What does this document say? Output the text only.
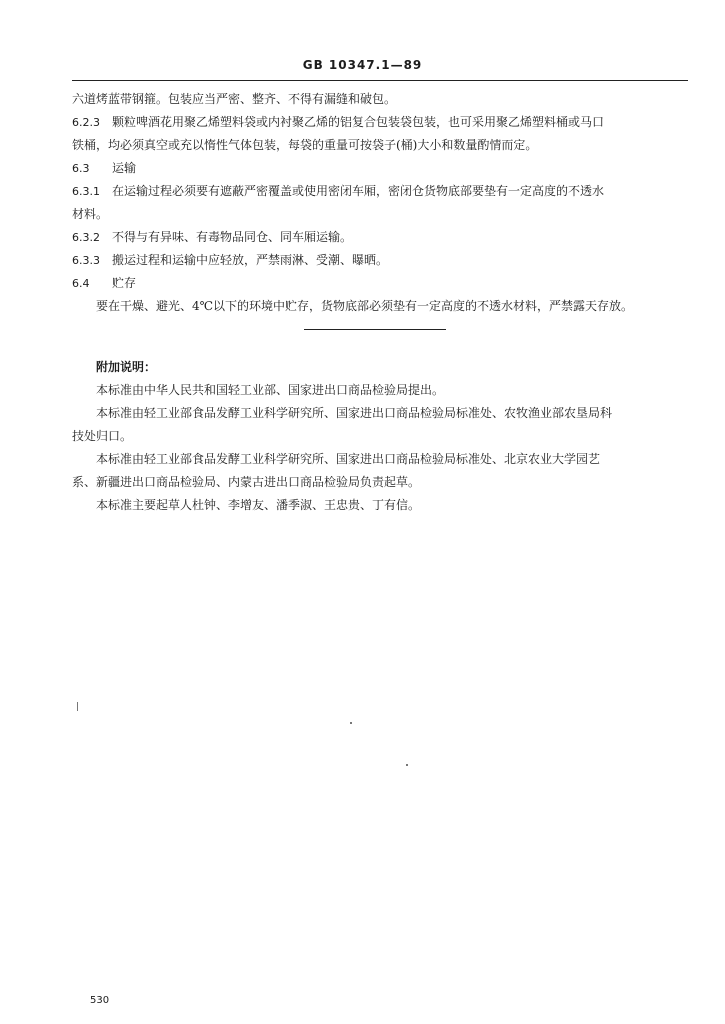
GB 10347.1—89
六道烤蓝带钢箍。包装应当严密、整齐、不得有漏缝和破包。
6.2.3 颗粒啤酒花用聚乙烯塑料袋或内衬聚乙烯的铝复合包装袋包装，也可采用聚乙烯塑料桶或马口
铁桶，均必须真空或充以惰性气体包装，每袋的重量可按袋子(桶)大小和数量酌情而定。
6.3 运输
6.3.1 在运输过程必须要有遮蔽严密覆盖或使用密闭车厢，密闭仓货物底部要垫有一定高度的不透水
材料。
6.3.2 不得与有异味、有毒物品同仓、同车厢运输。
6.3.3 搬运过程和运输中应轻放，严禁雨淋、受潮、曝晒。
6.4 贮存
要在干燥、避光、4℃以下的环境中贮存，货物底部必须垫有一定高度的不透水材料，严禁露天存放。
附加说明：
本标准由中华人民共和国轻工业部、国家进出口商品检验局提出。
本标准由轻工业部食品发酵工业科学研究所、国家进出口商品检验局标准处、农牧渔业部农垦局科
技处归口。
本标准由轻工业部食品发酵工业科学研究所、国家进出口商品检验局标准处、北京农业大学园艺
系、新疆进出口商品检验局、内蒙古进出口商品检验局负责起草。
本标准主要起草人杜钟、李增友、潘季淑、王忠贵、丁有信。
530
